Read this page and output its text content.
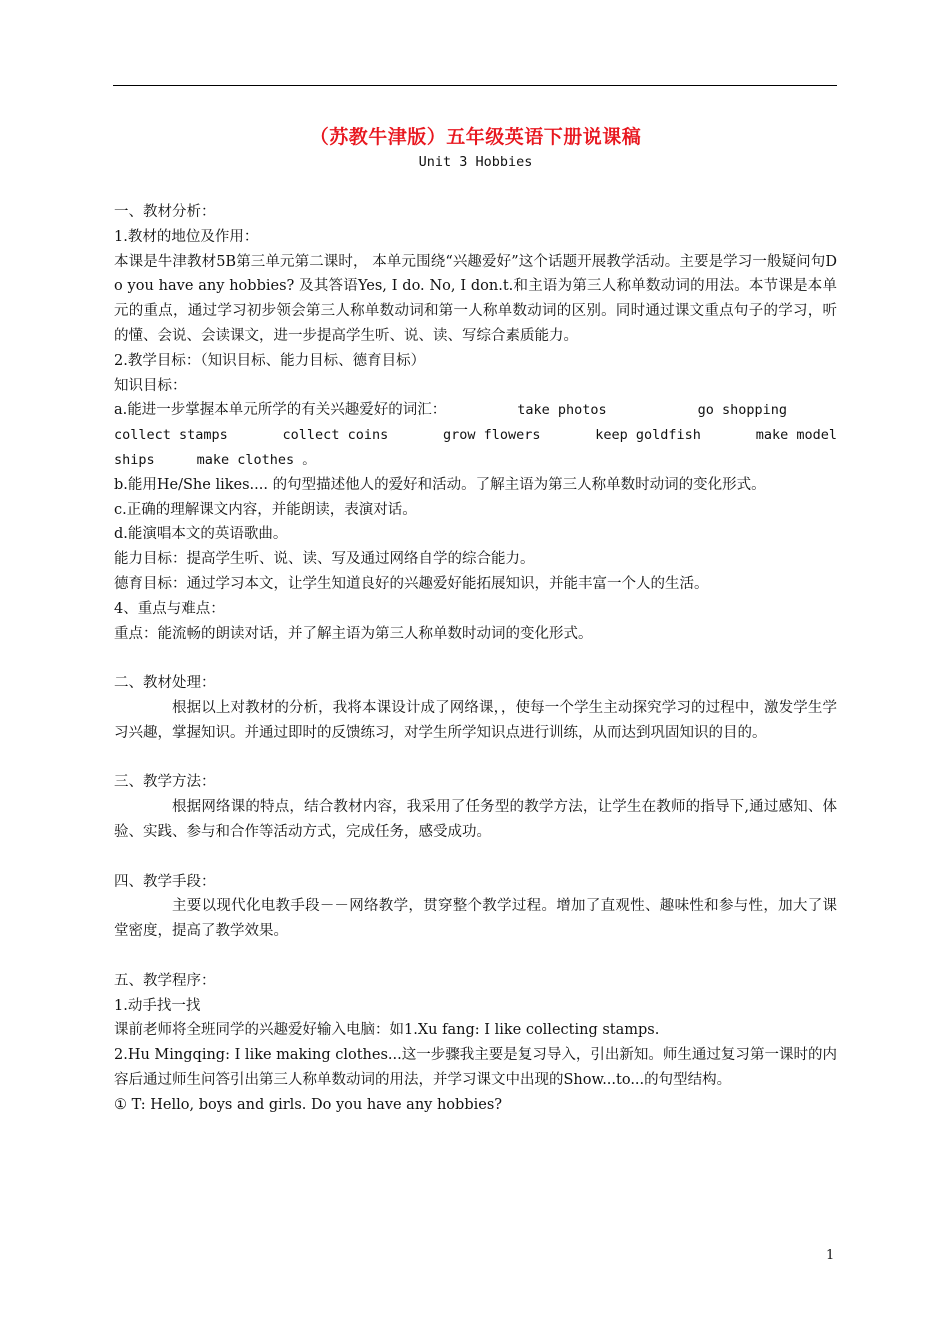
（苏教牛津版）五年级英语下册说课稿

Unit 3 Hobbies

一、教材分析：

1.教材的地位及作用：

本课是牛津教材5B第三单元第二课时， 本单元围绕“兴趣爱好”这个话题开展教学活动。主要是学习一般疑问句Do you have any hobbies? 及其答语Yes, I do. No, I don.t.和主语为第三人称单数动词的用法。本节课是本单元的重点，通过学习初步领会第三人称单数动词和第一人称单数动词的区别。同时通过课文重点句子的学习，听的懂、会说、会读课文，进一步提高学生听、说、读、写综合素质能力。

2.教学目标：（知识目标、能力目标、德育目标）

知识目标：

a.能进一步掌握本单元所学的有关兴趣爱好的词汇：	take photos	go shopping

collect stamps	collect coins	grow flowers	keep goldfish	make model

ships	make clothes 。

b.能用He/She likes.... 的句型描述他人的爱好和活动。了解主语为第三人称单数时动词的变化形式。

c.正确的理解课文内容，并能朗读，表演对话。

d.能演唱本文的英语歌曲。

能力目标：提高学生听、说、读、写及通过网络自学的综合能力。

德育目标：通过学习本文，让学生知道良好的兴趣爱好能拓展知识，并能丰富一个人的生活。

4、重点与难点：

重点：能流畅的朗读对话，并了解主语为第三人称单数时动词的变化形式。

二、教材处理：

根据以上对教材的分析，我将本课设计成了网络课，，使每一个学生主动探究学习的过程中，激发学生学习兴趣，掌握知识。并通过即时的反馈练习，对学生所学知识点进行训练，从而达到巩固知识的目的。

三、教学方法：

根据网络课的特点，结合教材内容，我采用了任务型的教学方法，让学生在教师的指导下,通过感知、体验、实践、参与和合作等活动方式，完成任务，感受成功。

四、教学手段：

主要以现代化电教手段－－网络教学，贯穿整个教学过程。增加了直观性、趣味性和参与性，加大了课堂密度，提高了教学效果。

五、教学程序：

1.动手找一找

课前老师将全班同学的兴趣爱好输入电脑：如1.Xu fang: I like collecting stamps.

2.Hu Mingqing: I like making clothes...这一步骤我主要是复习导入，引出新知。师生通过复习第一课时的内容后通过师生问答引出第三人称单数动词的用法，并学习课文中出现的Show...to...的句型结构。

① T: Hello, boys and girls. Do you have any hobbies?

1
